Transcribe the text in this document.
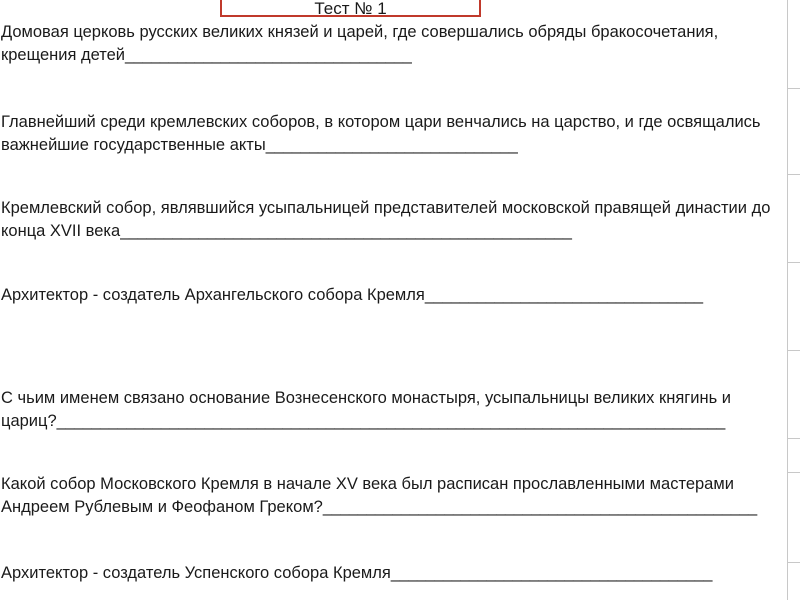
Тест № 1

Домовая церковь русских великих князей и царей, где совершались обряды бракосочетания, крещения детей_________________________________

Главнейший среди кремлевских соборов, в котором цари венчались на царство, и где освящались важнейшие государственные акты_____________________________

Кремлевский собор, являвшийся усыпальницей представителей московской правящей династии до конца XVII века____________________________________________________

Архитектор - создатель Архангельского собора Кремля________________________________

С чьим именем связано основание Вознесенского монастыря, усыпальницы великих княгинь и цариц?_____________________________________________________________________________

Какой собор Московского Кремля в начале XV века был расписан прославленными мастерами Андреем Рублевым и Феофаном Греком?__________________________________________________

Архитектор - создатель Успенского собора Кремля_____________________________________
